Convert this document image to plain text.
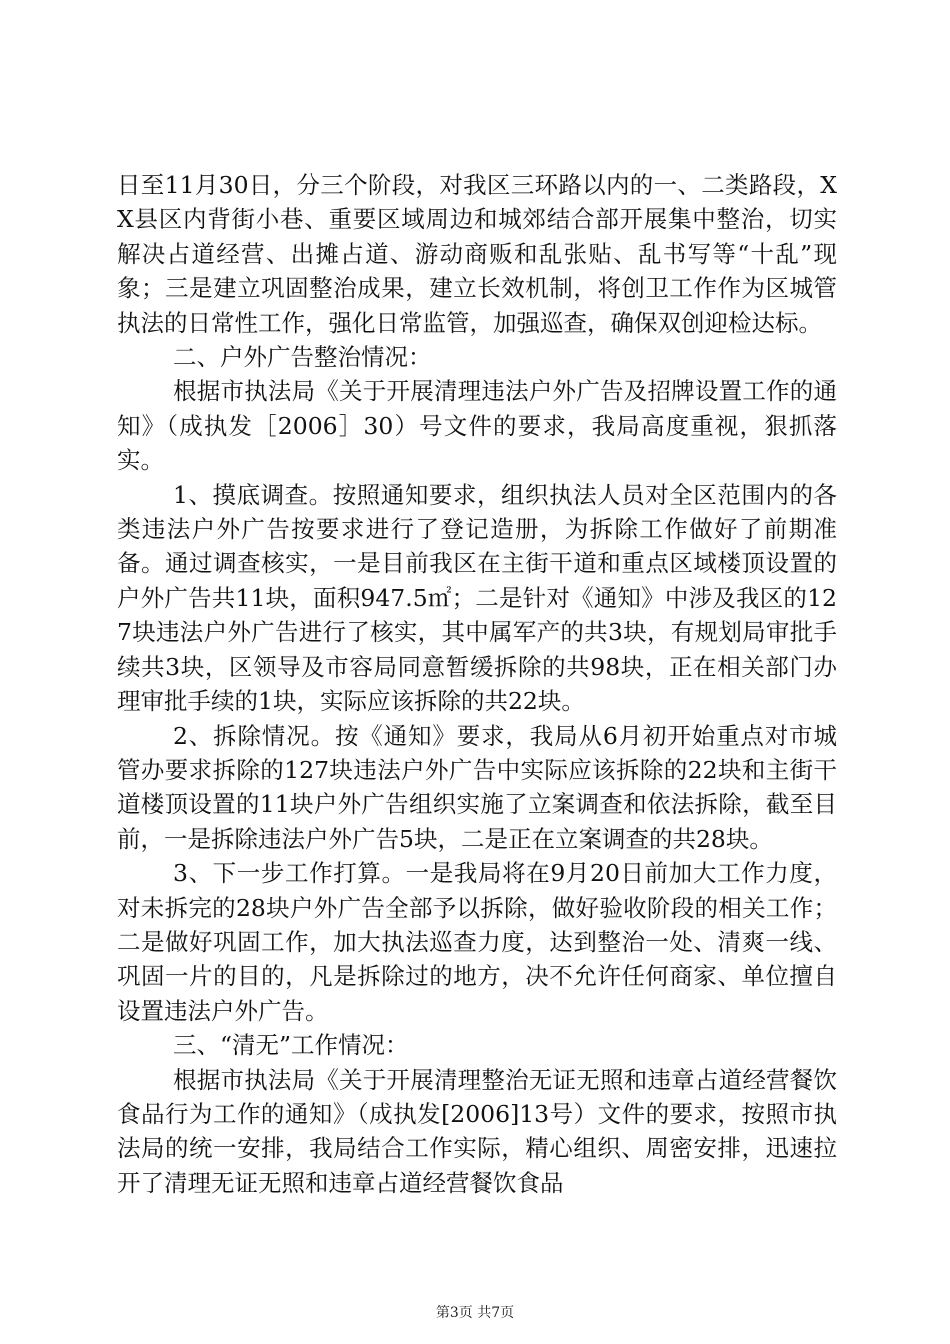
日至11月30日，分三个阶段，对我区三环路以内的一、二类路段，XX县区内背街小巷、重要区域周边和城郊结合部开展集中整治，切实解决占道经营、出摊占道、游动商贩和乱张贴、乱书写等“十乱”现象；三是建立巩固整治成果，建立长效机制，将创卫工作作为区城管执法的日常性工作，强化日常监管，加强巡查，确保双创迎检达标。

二、户外广告整治情况：

根据市执法局《关于开展清理违法户外广告及招牌设置工作的通知》（成执发［2006］30）号文件的要求，我局高度重视，狠抓落实。

1、摸底调查。按照通知要求，组织执法人员对全区范围内的各类违法户外广告按要求进行了登记造册，为拆除工作做好了前期准备。通过调查核实，一是目前我区在主街干道和重点区域楼顶设置的户外广告共11块，面积947.5㎡；二是针对《通知》中涉及我区的127块违法户外广告进行了核实，其中属军产的共3块，有规划局审批手续共3块，区领导及市容局同意暂缓拆除的共98块，正在相关部门办理审批手续的1块，实际应该拆除的共22块。

2、拆除情况。按《通知》要求，我局从6月初开始重点对市城管办要求拆除的127块违法户外广告中实际应该拆除的22块和主街干道楼顶设置的11块户外广告组织实施了立案调查和依法拆除，截至目前，一是拆除违法户外广告5块，二是正在立案调查的共28块。

3、下一步工作打算。一是我局将在9月20日前加大工作力度，对未拆完的28块户外广告全部予以拆除，做好验收阶段的相关工作；二是做好巩固工作，加大执法巡查力度，达到整治一处、清爽一线、巩固一片的目的，凡是拆除过的地方，决不允许任何商家、单位擅自设置违法户外广告。

三、“清无”工作情况：

根据市执法局《关于开展清理整治无证无照和违章占道经营餐饮食品行为工作的通知》（成执发[2006]13号）文件的要求，按照市执法局的统一安排，我局结合工作实际，精心组织、周密安排，迅速拉开了清理无证无照和违章占道经营餐饮食品

第3页 共7页
